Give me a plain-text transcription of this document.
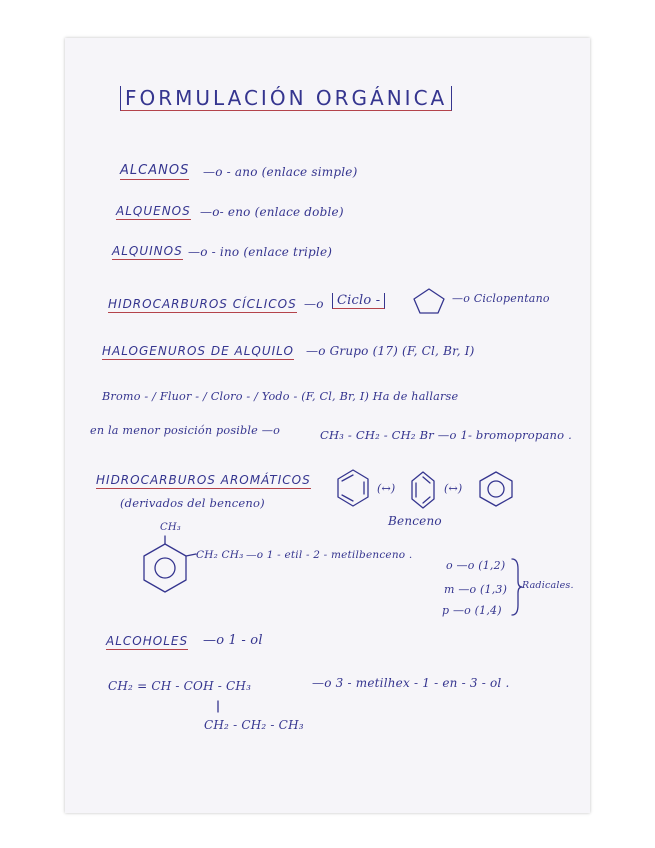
FORMULACIÓN ORGÁNICA
ALCANOS —o - ano (enlace simple)
ALQUENOS —o- eno (enlace doble)
ALQUINOS —o - ino (enlace triple)
HIDROCARBUROS CÍCLICOS —o	Ciclo -	—o Ciclopentano
HALOGENUROS DE ALQUILO —o Grupo (17) (F, Cl, Br, I)
Bromo - / Fluor - / Cloro - / Yodo - (F, Cl, Br, I) Ha de hallarse
en la menor posición posible —o	CH₃ - CH₂ - CH₂ Br —o 1- bromopropano .
HIDROCARBUROS AROMÁTICOS
(derivados del benceno)
(↔)	(↔)
Benceno
CH₃
CH₂ CH₃ —o 1 - etil - 2 - metilbenceno .
o —o (1,2)
m —o (1,3)
p —o (1,4)
Radicales.
ALCOHOLES —o 1 - ol
CH₂ = CH - COH - CH₃	—o 3 - metilhex - 1 - en - 3 - ol .
CH₂ - CH₂ - CH₃
